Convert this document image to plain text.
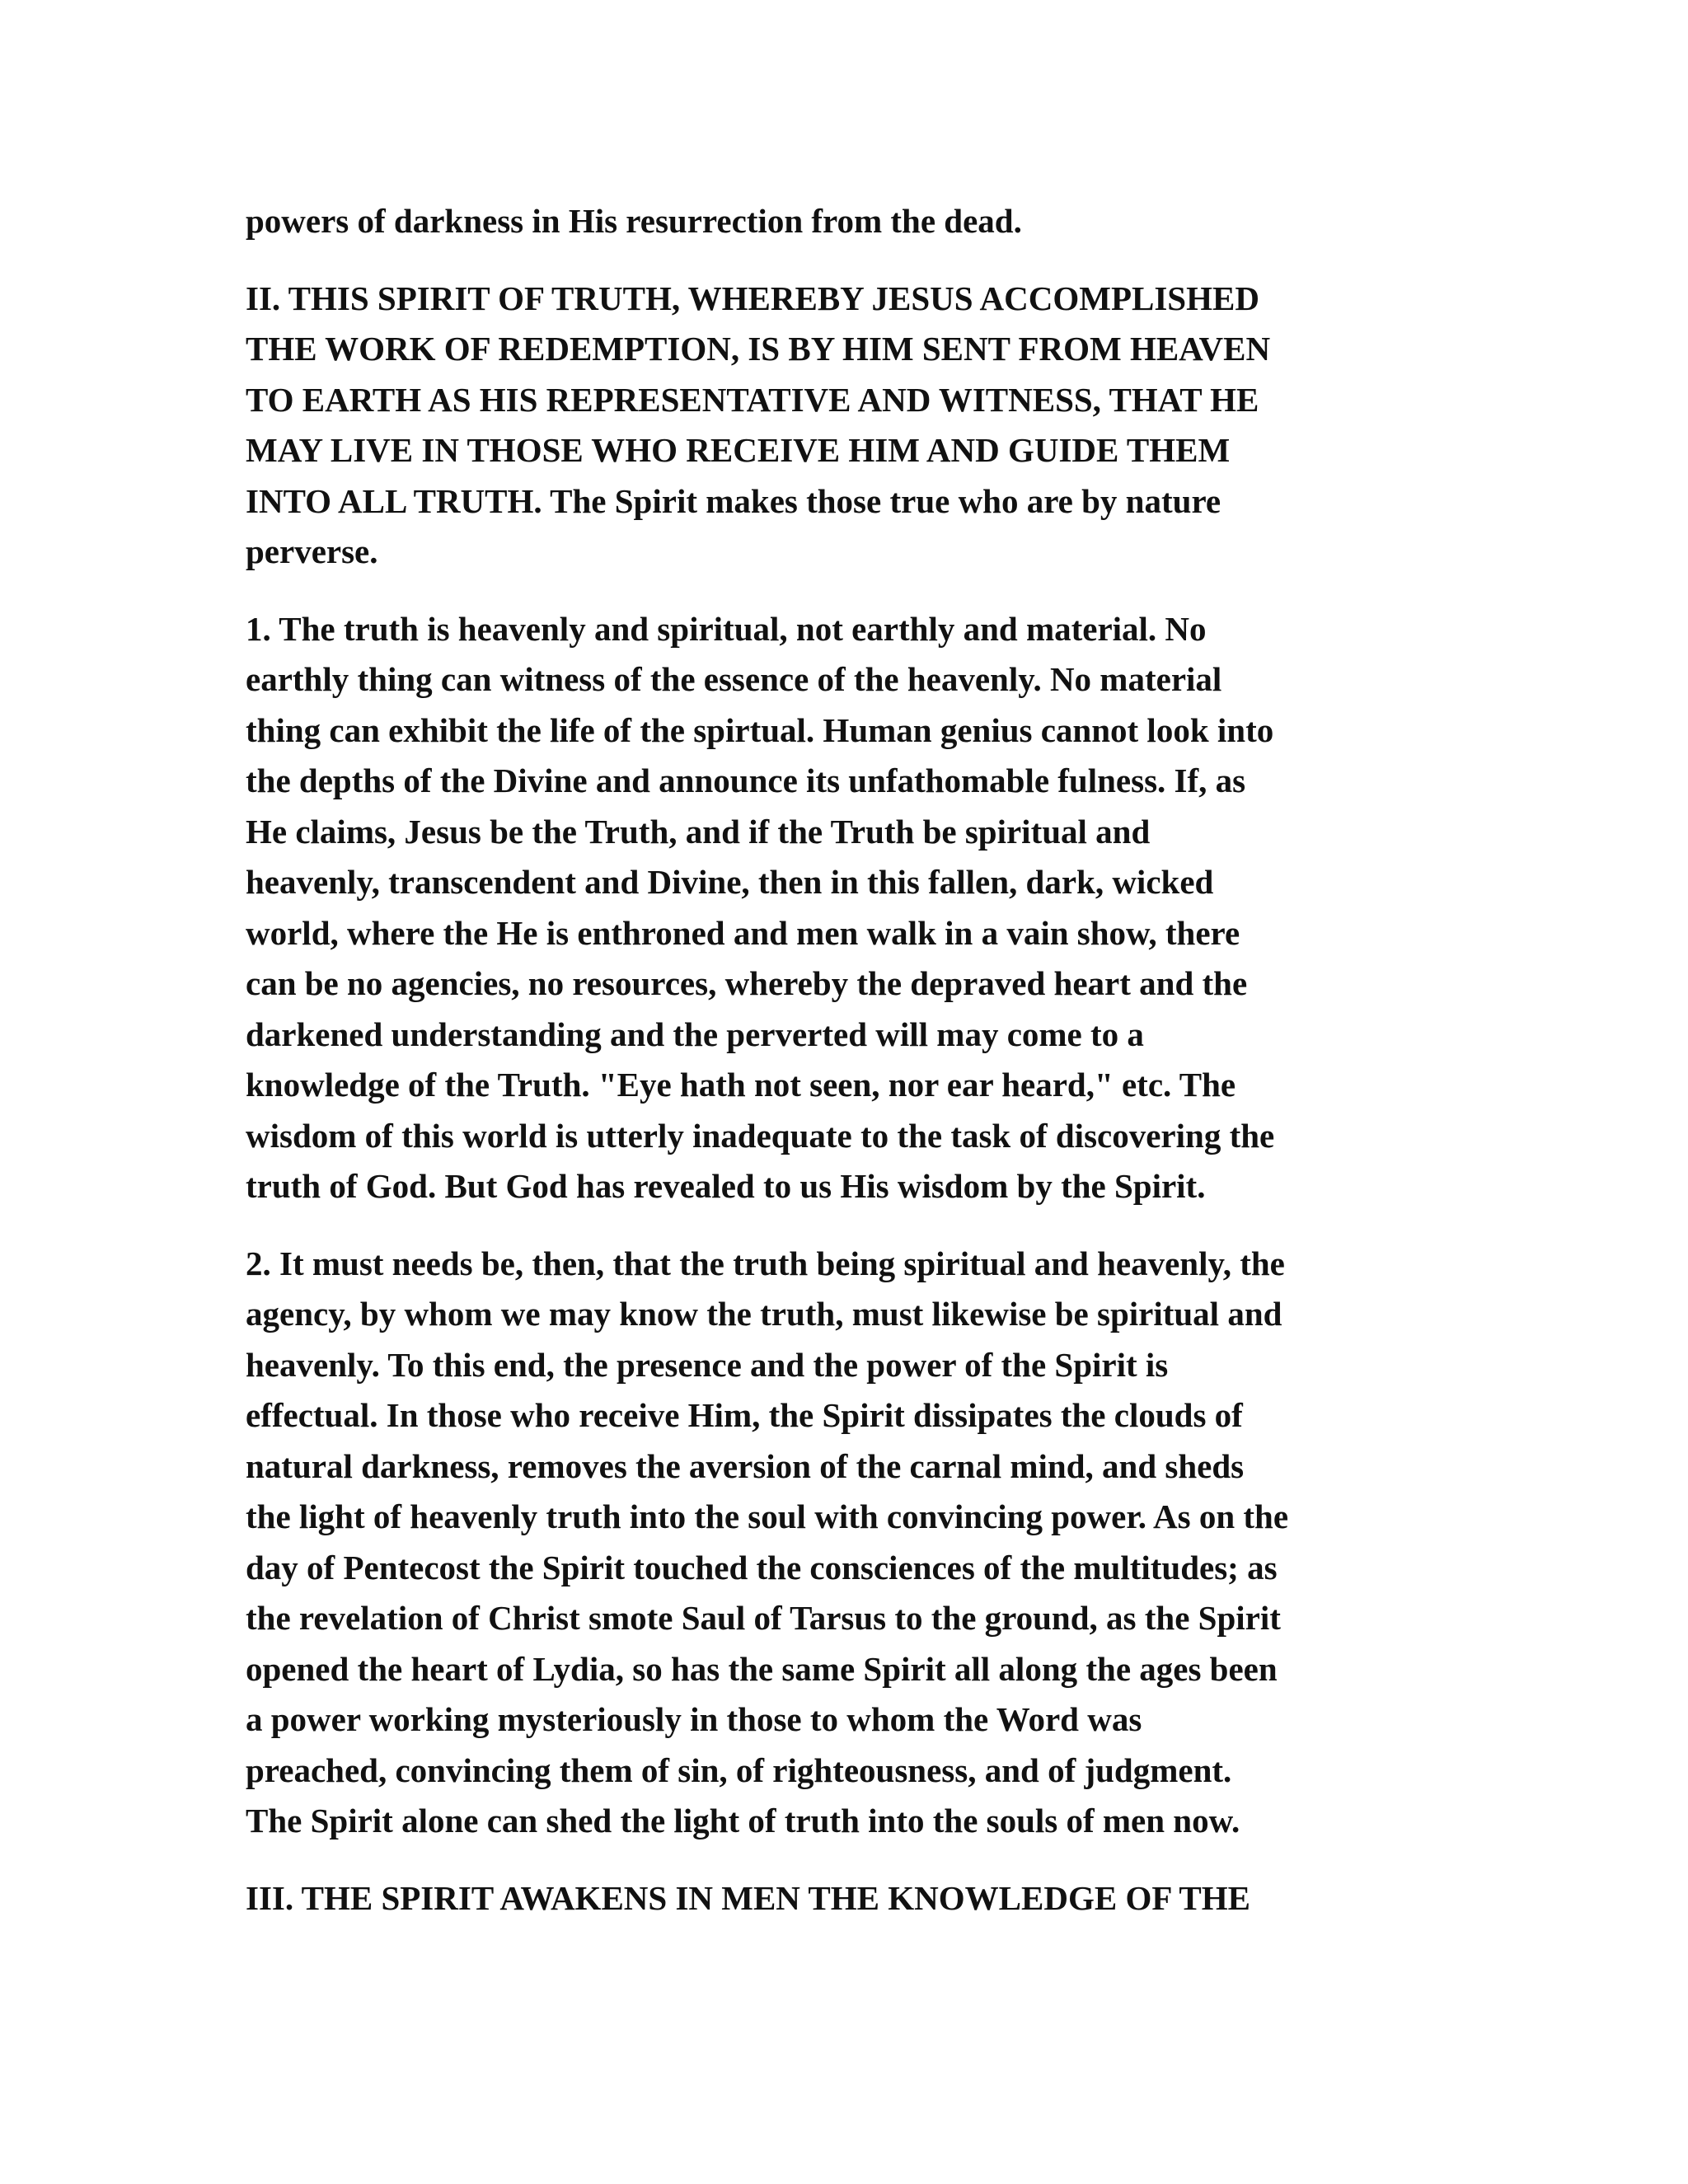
powers of darkness in His resurrection from the dead.

II. THIS SPIRIT OF TRUTH, WHEREBY JESUS ACCOMPLISHED
THE WORK OF REDEMPTION, IS BY HIM SENT FROM HEAVEN
TO EARTH AS HIS REPRESENTATIVE AND WITNESS, THAT HE
MAY LIVE IN THOSE WHO RECEIVE HIM AND GUIDE THEM
INTO ALL TRUTH. The Spirit makes those true who are by nature
perverse.

1. The truth is heavenly and spiritual, not earthly and material. No
earthly thing can witness of the essence of the heavenly. No material
thing can exhibit the life of the spirtual. Human genius cannot look into
the depths of the Divine and announce its unfathomable fulness. If, as
He claims, Jesus be the Truth, and if the Truth be spiritual and
heavenly, transcendent and Divine, then in this fallen, dark, wicked
world, where the He is enthroned and men walk in a vain show, there
can be no agencies, no resources, whereby the depraved heart and the
darkened understanding and the perverted will may come to a
knowledge of the Truth. "Eye hath not seen, nor ear heard," etc. The
wisdom of this world is utterly inadequate to the task of discovering the
truth of God. But God has revealed to us His wisdom by the Spirit.

2. It must needs be, then, that the truth being spiritual and heavenly, the
agency, by whom we may know the truth, must likewise be spiritual and
heavenly. To this end, the presence and the power of the Spirit is
effectual. In those who receive Him, the Spirit dissipates the clouds of
natural darkness, removes the aversion of the carnal mind, and sheds
the light of heavenly truth into the soul with convincing power. As on the
day of Pentecost the Spirit touched the consciences of the multitudes; as
the revelation of Christ smote Saul of Tarsus to the ground, as the Spirit
opened the heart of Lydia, so has the same Spirit all along the ages been
a power working mysteriously in those to whom the Word was
preached, convincing them of sin, of righteousness, and of judgment.
The Spirit alone can shed the light of truth into the souls of men now.

III. THE SPIRIT AWAKENS IN MEN THE KNOWLEDGE OF THE
